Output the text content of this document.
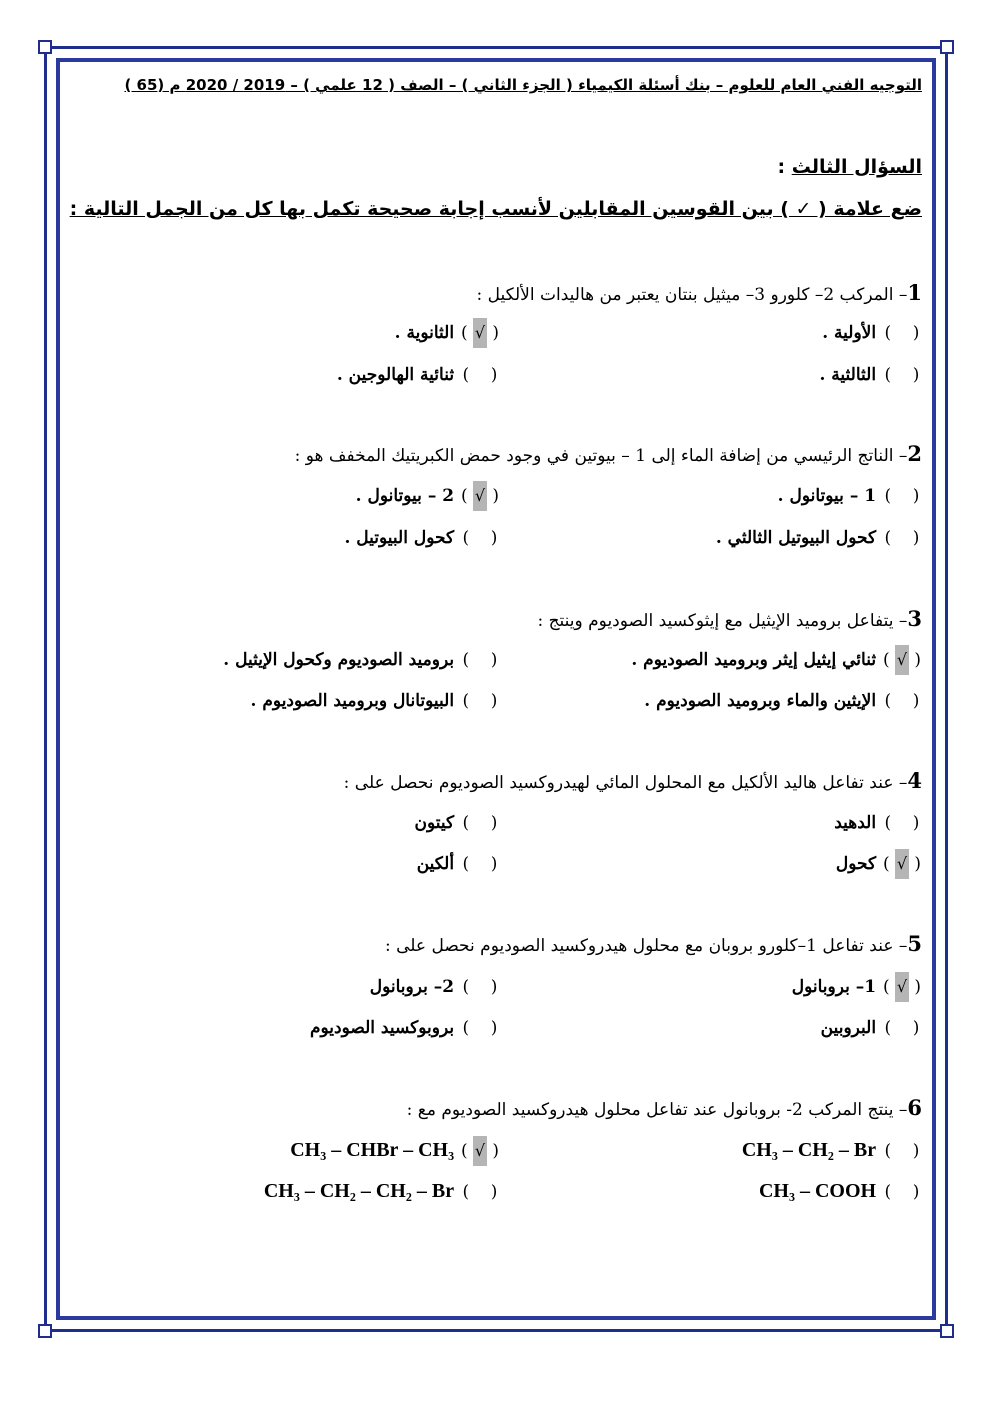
التوجيه الفني العام للعلوم – بنك أسئلة الكيمياء ( الجزء الثاني ) – الصف ( 12 علمي ) – 2019 / 2020 م (65 )
السؤال الثالث :
ضع علامة ( ✓ ) بين القوسين المقابلين لأنسب إجابة صحيحة تكمل بها كل من الجمل التالية :
1– المركب 2– كلورو 3– ميثيل بنتان يعتبر من هاليدات الألكيل :
(    ) الأولية .
( √ ) الثانوية .
(    ) الثالثية .
(    ) ثنائية الهالوجين .
2– الناتج الرئيسي من إضافة الماء إلى 1 – بيوتين في وجود حمض الكبريتيك المخفف هو :
(    ) 1 – بيوتانول .
( √ ) 2 – بيوتانول .
(    ) كحول البيوتيل الثالثي .
(    ) كحول البيوتيل .
3– يتفاعل بروميد الإيثيل مع إيثوكسيد الصوديوم وينتج :
( √ ) ثنائي إيثيل إيثر وبروميد الصوديوم .
(    ) بروميد الصوديوم وكحول الإيثيل .
(    ) الإيثين والماء وبروميد الصوديوم .
(    ) البيوتانال وبروميد الصوديوم .
4– عند تفاعل هاليد الألكيل مع المحلول المائي لهيدروكسيد الصوديوم نحصل على :
(    ) الدهيد
(    ) كيتون
( √ ) كحول
(    ) ألكين
5– عند تفاعل 1–كلورو بروبان مع محلول هيدروكسيد الصوديوم نحصل على :
( √ ) 1– بروبانول
(    ) 2– بروبانول
(    ) البروبين
(    ) بروبوكسيد الصوديوم
6– ينتج المركب 2- بروبانول عند تفاعل محلول هيدروكسيد الصوديوم مع :
(    ) CH₃ – CH₂ – Br
( √ ) CH₃ – CHBr – CH₃
(    ) CH₃ – COOH
(    ) CH₃ – CH₂ – CH₂ – Br
